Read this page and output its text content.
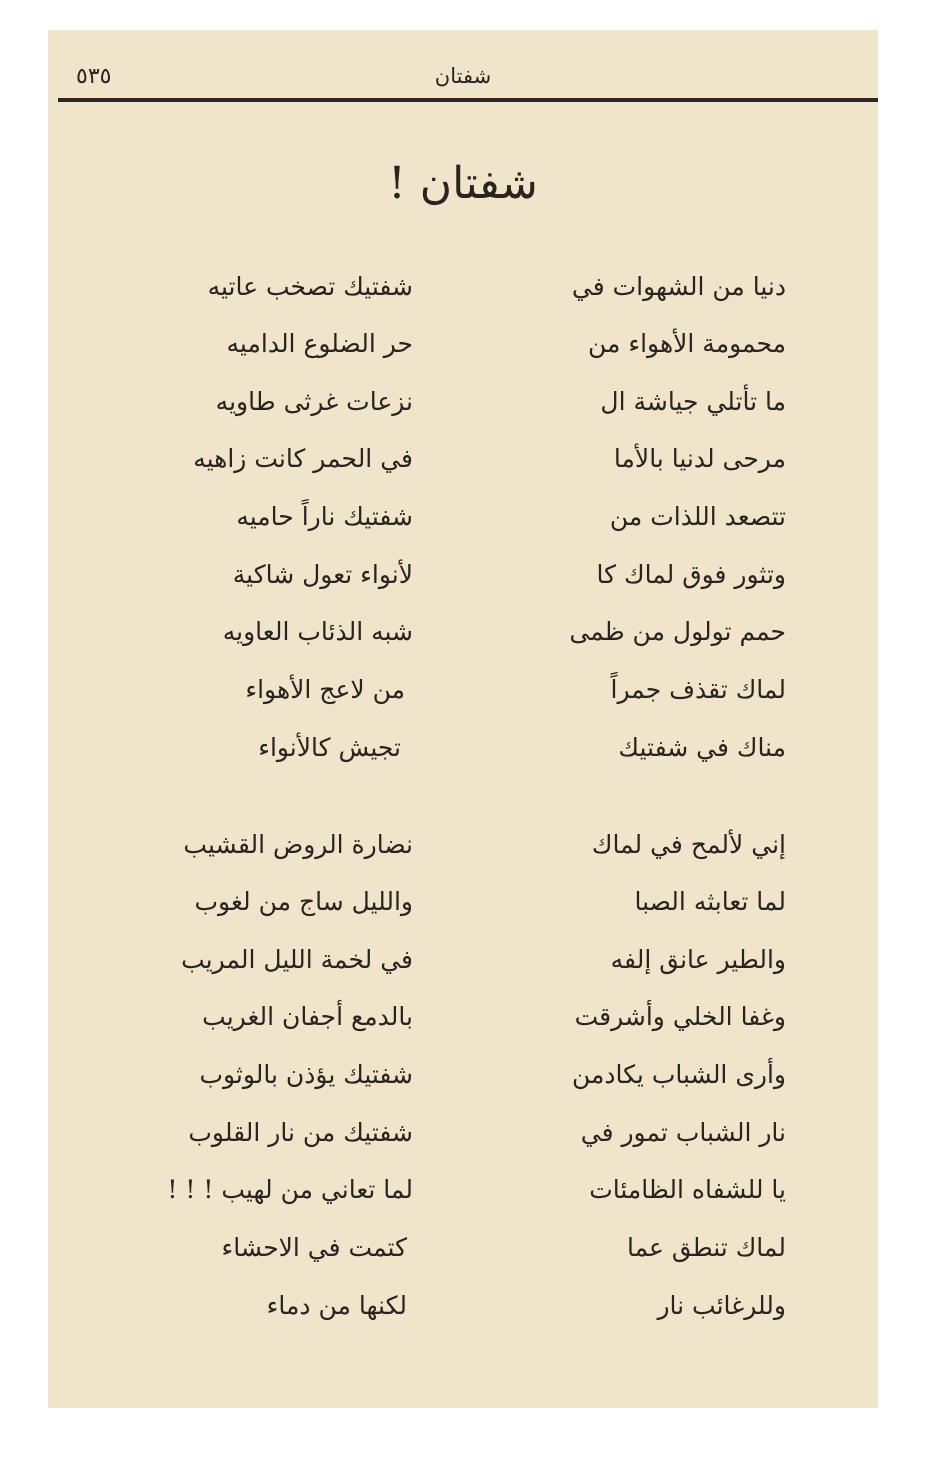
شفتان
٥٣٥
شفتان !
دنيا من الشهوات في
محمومة الأهواء من
ما تأتلي جياشة ال
مرحى لدنيا بالأما
تتصعد اللذات من
وتثور فوق لماك كا
حمم تولول من ظمى
لماك تقذف جمراً
مناك في شفتيك
إني لألمح في لماك
لما تعابثه الصبا
والطير عانق إلفه
وغفا الخلي وأشرقت
وأرى الشباب يكادمن
نار الشباب تمور في
يا للشفاه الظامئات
لماك تنطق عما
وللرغائب نار
شفتيك تصخب عاتيه
حر الضلوع الداميه
نزعات غرثى طاويه
في الحمر كانت زاهيه
شفتيك ناراً حاميه
لأنواء تعول شاكية
شبه الذئاب العاويه
من لاعج الأهواء
تجيش كالأنواء
نضارة الروض القشيب
والليل ساج من لغوب
في لخمة الليل المريب
بالدمع أجفان الغريب
شفتيك يؤذن بالوثوب
شفتيك من نار القلوب
لما تعاني من لهيب ! ! !
كتمت في الاحشاء
لكنها من دماء
